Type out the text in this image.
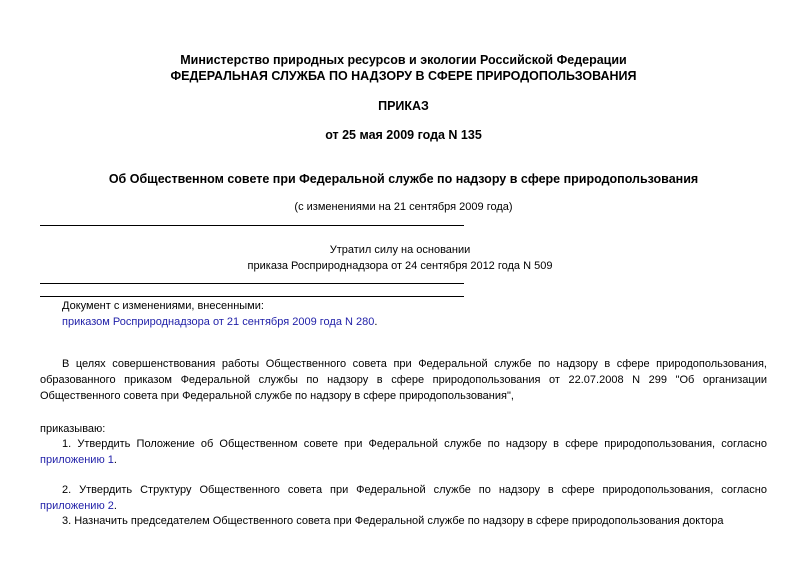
Министерство природных ресурсов и экологии Российской Федерации
ФЕДЕРАЛЬНАЯ СЛУЖБА ПО НАДЗОРУ В СФЕРЕ ПРИРОДОПОЛЬЗОВАНИЯ
ПРИКАЗ
от 25 мая 2009 года N 135
Об Общественном совете при Федеральной службе по надзору в сфере природопользования
(с изменениями на 21 сентября 2009 года)
Утратил силу на основании
приказа Росприроднадзора от 24 сентября 2012 года N 509
Документ с изменениями, внесенными:
приказом Росприроднадзора от 21 сентября 2009 года N 280.
В целях совершенствования работы Общественного совета при Федеральной службе по надзору в сфере природопользования, образованного приказом Федеральной службы по надзору в сфере природопользования от 22.07.2008 N 299 "Об организации Общественного совета при Федеральной службе по надзору в сфере природопользования",
приказываю:
1. Утвердить Положение об Общественном совете при Федеральной службе по надзору в сфере природопользования, согласно приложению 1.
2. Утвердить Структуру Общественного совета при Федеральной службе по надзору в сфере природопользования, согласно приложению 2.
3. Назначить председателем Общественного совета при Федеральной службе по надзору в сфере природопользования доктора
